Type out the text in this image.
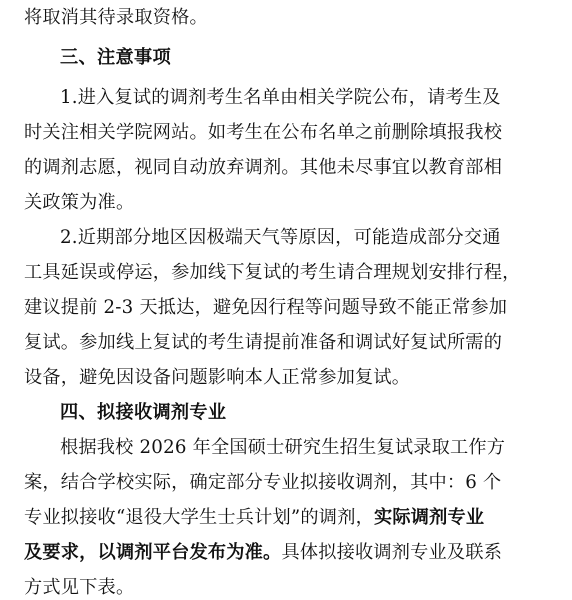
将取消其待录取资格。
三、注意事项
1.进入复试的调剂考生名单由相关学院公布，请考生及
时关注相关学院网站。如考生在公布名单之前删除填报我校
的调剂志愿，视同自动放弃调剂。其他未尽事宜以教育部相
关政策为准。
2.近期部分地区因极端天气等原因，可能造成部分交通
工具延误或停运，参加线下复试的考生请合理规划安排行程，
建议提前 2-3 天抵达，避免因行程等问题导致不能正常参加
复试。参加线上复试的考生请提前准备和调试好复试所需的
设备，避免因设备问题影响本人正常参加复试。
四、拟接收调剂专业
根据我校 2026 年全国硕士研究生招生复试录取工作方
案，结合学校实际，确定部分专业拟接收调剂，其中：6 个
专业拟接收“退役大学生士兵计划”的调剂，实际调剂专业
及要求，以调剂平台发布为准。具体拟接收调剂专业及联系
方式见下表。
